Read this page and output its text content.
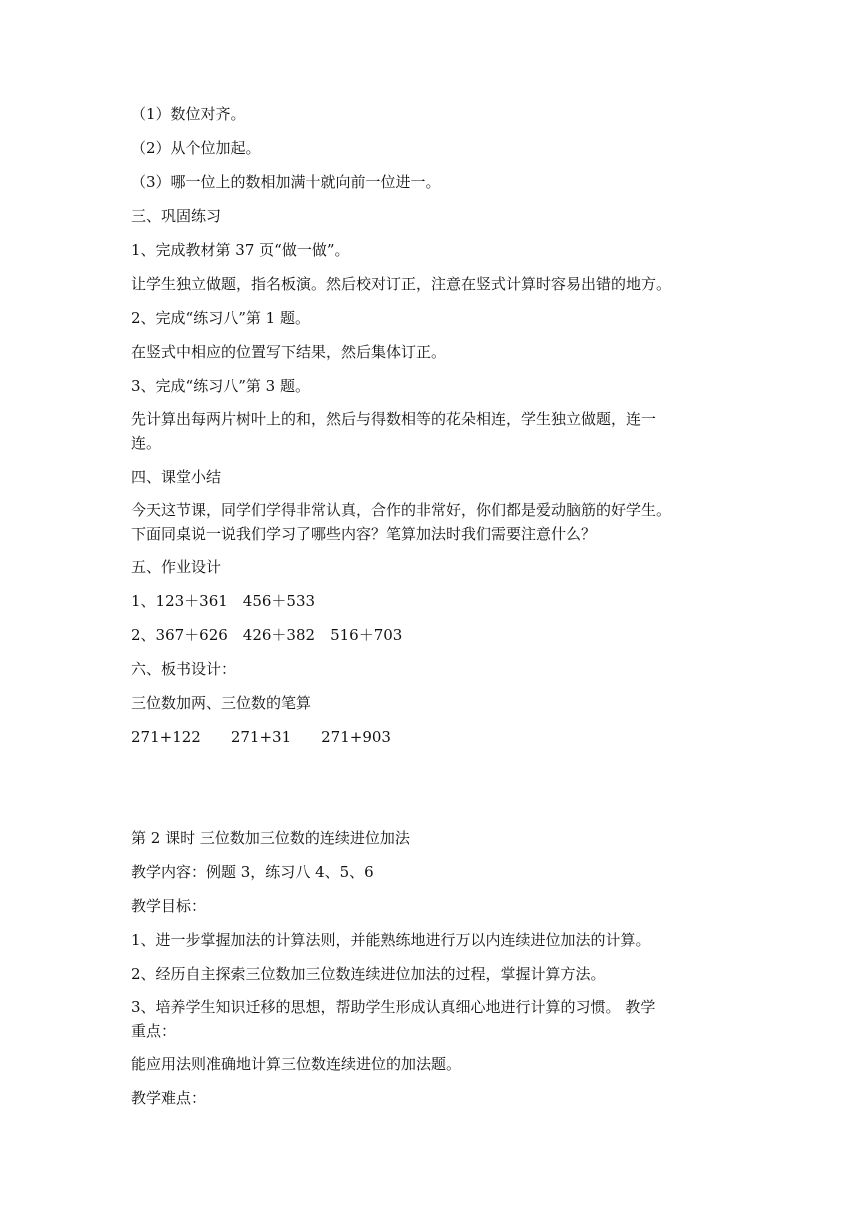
（1）数位对齐。
（2）从个位加起。
（3）哪一位上的数相加满十就向前一位进一。
三、巩固练习
1、完成教材第 37 页“做一做”。
让学生独立做题，指名板演。然后校对订正，注意在竖式计算时容易出错的地方。
2、完成“练习八”第 1 题。
在竖式中相应的位置写下结果，然后集体订正。
3、完成“练习八”第 3 题。
先计算出每两片树叶上的和，然后与得数相等的花朵相连，学生独立做题，连一
连。
四、课堂小结
今天这节课，同学们学得非常认真，合作的非常好，你们都是爱动脑筋的好学生。
下面同桌说一说我们学习了哪些内容？笔算加法时我们需要注意什么？
五、作业设计
1、123＋361　456＋533
2、367＋626　426＋382　516＋703
六、板书设计：
三位数加两、三位数的笔算
271+122　　271+31　　271+903
第 2 课时 三位数加三位数的连续进位加法
教学内容：例题 3，练习八 4、5、6
教学目标：
1、进一步掌握加法的计算法则，并能熟练地进行万以内连续进位加法的计算。
2、经历自主探索三位数加三位数连续进位加法的过程，掌握计算方法。
3、培养学生知识迁移的思想，帮助学生形成认真细心地进行计算的习惯。 教学
重点：
能应用法则准确地计算三位数连续进位的加法题。
教学难点：
